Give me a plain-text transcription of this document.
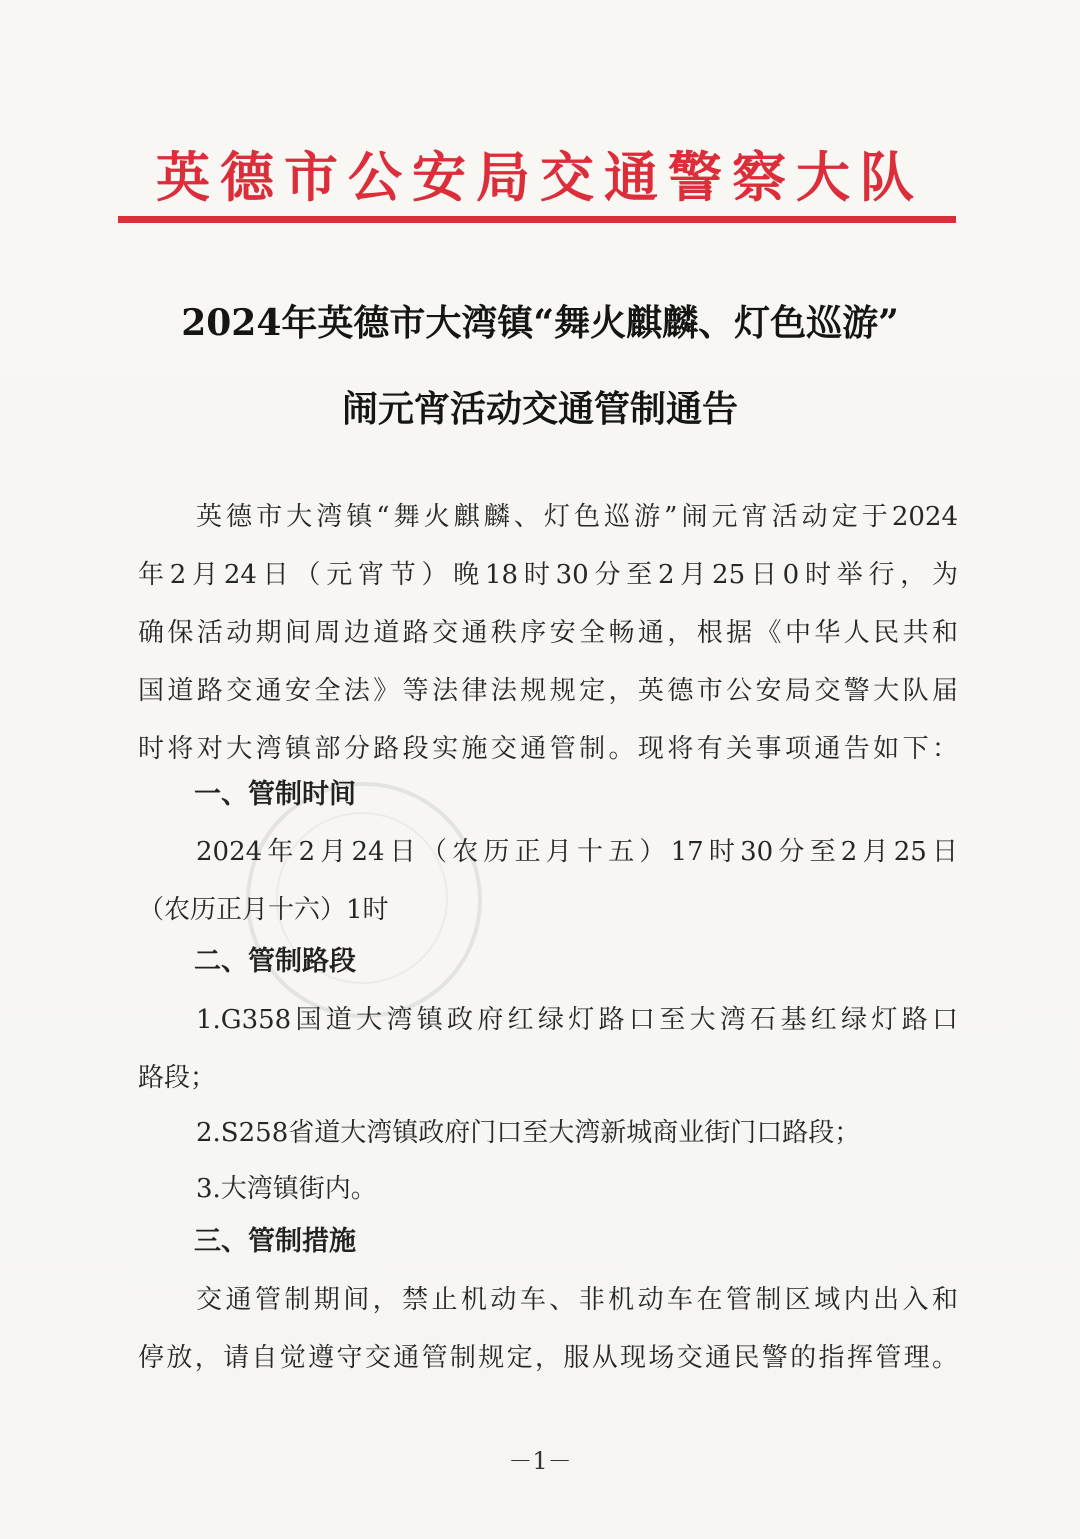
英德市公安局交通警察大队
2024年英德市大湾镇“舞火麒麟、灯色巡游”
闹元宵活动交通管制通告
英德市大湾镇“舞火麒麟、灯色巡游”闹元宵活动定于2024
年2月24日（元宵节）晚18时30分至2月25日0时举行，为
确保活动期间周边道路交通秩序安全畅通，根据《中华人民共和
国道路交通安全法》等法律法规规定，英德市公安局交警大队届
时将对大湾镇部分路段实施交通管制。现将有关事项通告如下：
一、管制时间
2024年2月24日（农历正月十五）17时30分至2月25日
（农历正月十六）1时
二、管制路段
1.G358国道大湾镇政府红绿灯路口至大湾石基红绿灯路口
路段；
2.S258省道大湾镇政府门口至大湾新城商业街门口路段；
3.大湾镇街内。
三、管制措施
交通管制期间，禁止机动车、非机动车在管制区域内出入和
停放，请自觉遵守交通管制规定，服从现场交通民警的指挥管理。
－1－
